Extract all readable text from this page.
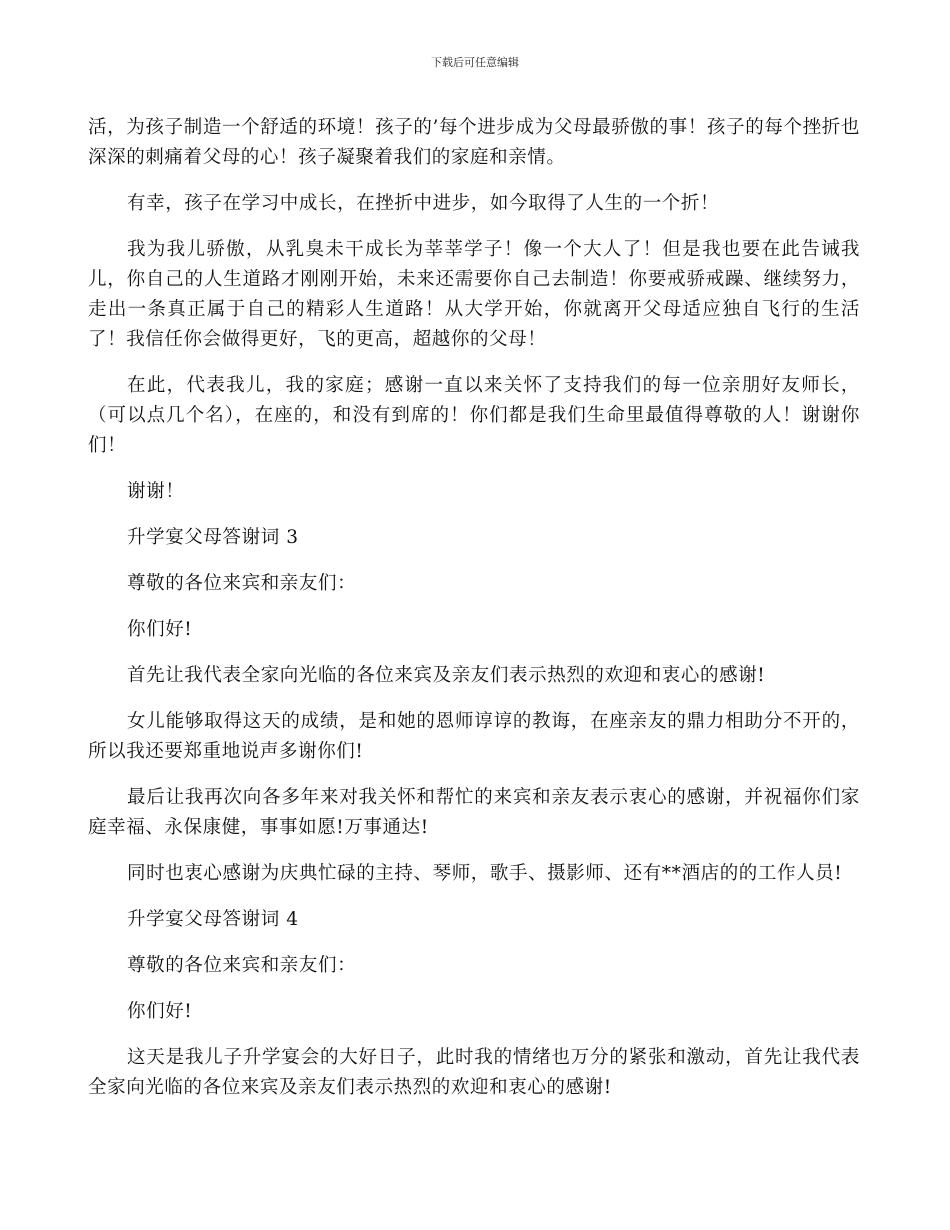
下载后可任意编辑

活，为孩子制造一个舒适的环境！孩子的’每个进步成为父母最骄傲的事！孩子的每个挫折也深深的刺痛着父母的心！孩子凝聚着我们的家庭和亲情。

有幸，孩子在学习中成长，在挫折中进步，如今取得了人生的一个折！

我为我儿骄傲，从乳臭未干成长为莘莘学子！像一个大人了！但是我也要在此告诫我儿，你自己的人生道路才刚刚开始，未来还需要你自己去制造！你要戒骄戒躁、继续努力，走出一条真正属于自己的精彩人生道路！从大学开始，你就离开父母适应独自飞行的生活了！我信任你会做得更好，飞的更高，超越你的父母！

在此，代表我儿，我的家庭；感谢一直以来关怀了支持我们的每一位亲朋好友师长，（可以点几个名），在座的，和没有到席的！你们都是我们生命里最值得尊敬的人！谢谢你们！

谢谢！

升学宴父母答谢词 3

尊敬的各位来宾和亲友们：

你们好!

首先让我代表全家向光临的各位来宾及亲友们表示热烈的欢迎和衷心的感谢!

女儿能够取得这天的成绩，是和她的恩师谆谆的教诲，在座亲友的鼎力相助分不开的，所以我还要郑重地说声多谢你们!

最后让我再次向各多年来对我关怀和帮忙的来宾和亲友表示衷心的感谢，并祝福你们家庭幸福、永保康健，事事如愿!万事通达!

同时也衷心感谢为庆典忙碌的主持、琴师，歌手、摄影师、还有**酒店的的工作人员!

升学宴父母答谢词 4

尊敬的各位来宾和亲友们：

你们好!

这天是我儿子升学宴会的大好日子，此时我的情绪也万分的紧张和激动，首先让我代表全家向光临的各位来宾及亲友们表示热烈的欢迎和衷心的感谢!
